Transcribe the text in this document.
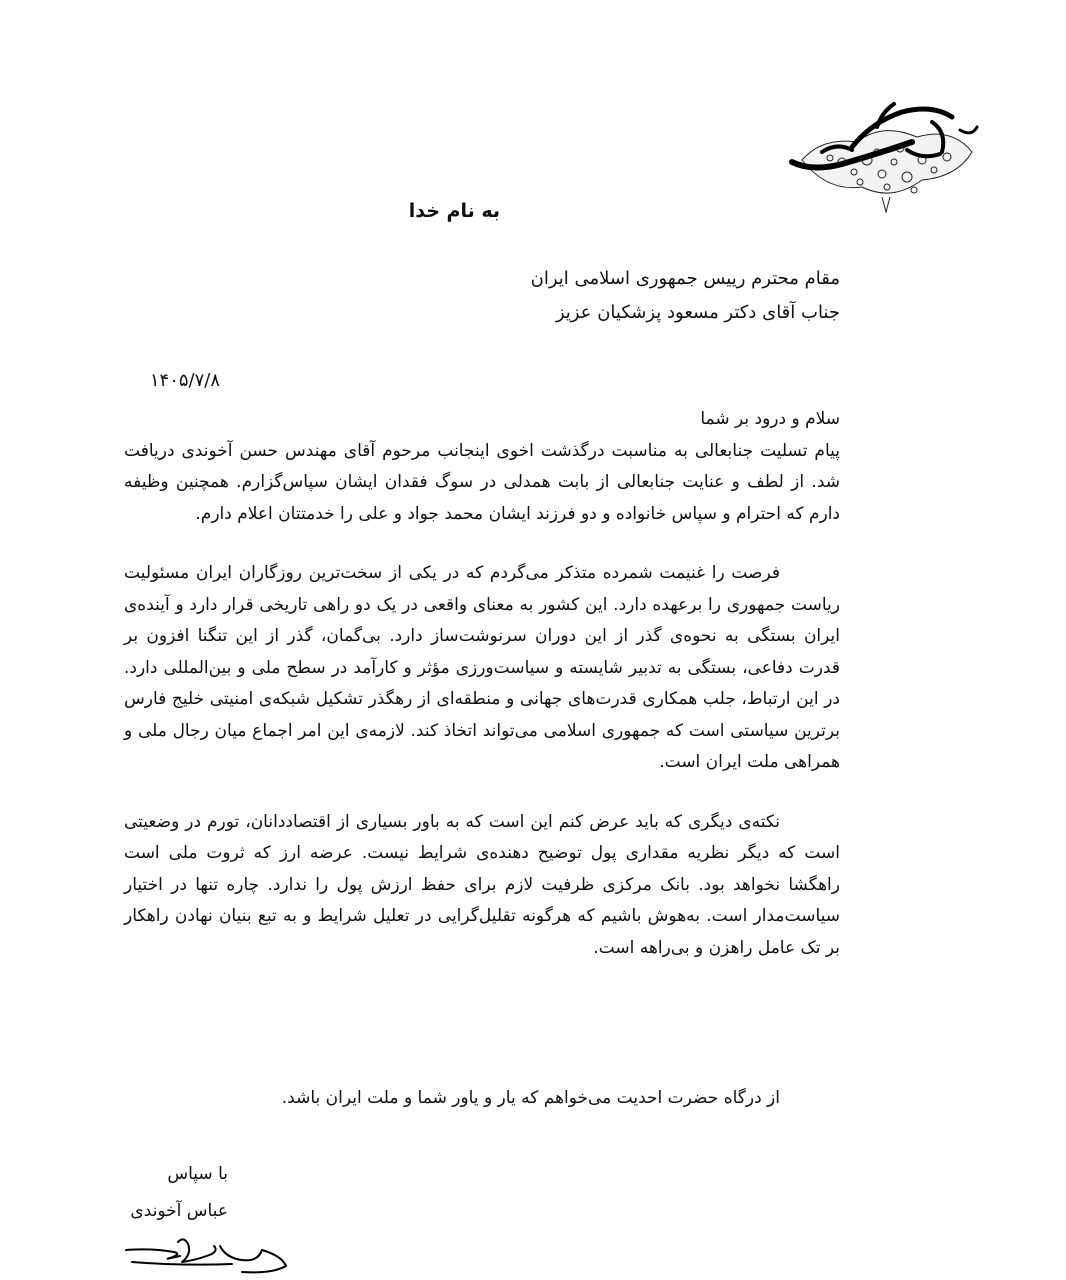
به نام خدا
مقام محترم رییس جمهوری اسلامی ایران
جناب آقای دکتر مسعود پزشکیان عزیز
۱۴۰۵/۷/۸

سلام و درود بر شما

پیام تسلیت جنابعالی به مناسبت درگذشت اخوی اینجانب مرحوم آقای مهندس حسن آخوندی دریافت شد. از لطف و عنایت جنابعالی از بابت همدلی در سوگ فقدان ایشان سپاس‌گزارم. همچنین وظیفه دارم که احترام و سپاس خانواده و دو فرزند ایشان محمد جواد و علی را خدمتتان اعلام دارم.

فرصت را غنیمت شمرده متذکر می‌گردم که در یکی از سخت‌ترین روزگاران ایران مسئولیت ریاست جمهوری را برعهده دارد. این کشور به معنای واقعی در یک دو راهی تاریخی قرار دارد و آینده‌ی ایران بستگی به نحوه‌ی گذر از این دوران سرنوشت‌ساز دارد. بی‌گمان، گذر از این تنگنا افزون بر قدرت دفاعی، بستگی به تدبیر شایسته و سیاست‌ورزی مؤثر و کارآمد در سطح ملی و بین‌المللی دارد. در این ارتباط، جلب همکاری قدرت‌های جهانی و منطقه‌ای از رهگذر تشکیل شبکه‌ی امنیتی خلیج فارس برترین سیاستی است که جمهوری اسلامی می‌تواند اتخاذ کند. لازمه‌ی این امر اجماع میان رجال ملی و همراهی ملت ایران است.

نکته‌ی دیگری که باید عرض کنم این است که به باور بسیاری از اقتصاددانان، تورم در وضعیتی است که دیگر نظریه مقداری پول توضیح دهنده‌ی شرایط نیست. عرضه ارز که ثروت ملی است راهگشا نخواهد بود. بانک مرکزی ظرفیت لازم برای حفظ ارزش پول را ندارد. چاره تنها در اختیار سیاست‌مدار است. به‌هوش باشیم که هرگونه تقلیل‌گرایی در تعلیل شرایط و به تبع بنیان نهادن راهکار بر تک عامل راهزن و بی‌راهه است.

از درگاه حضرت احدیت می‌خواهم که یار و یاور شما و ملت ایران باشد.
با سپاس
عباس آخوندی
